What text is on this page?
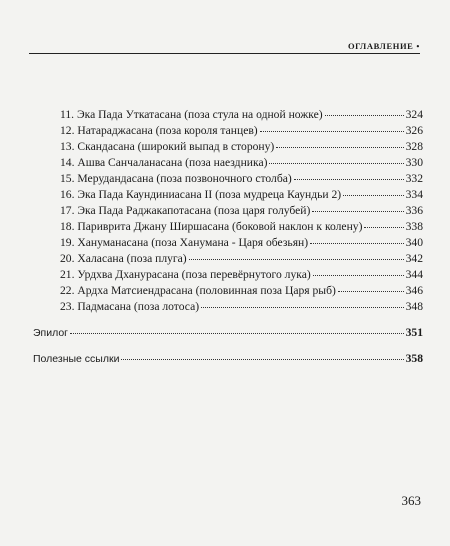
ОГЛАВЛЕНИЕ •
11. Эка Пада Уткатасана (поза стула на одной ножке)	324
12. Натараджасана (поза короля танцев)	326
13. Скандасана (широкий выпад в сторону)	328
14. Ашва Санчаланасана (поза наездника)	330
15. Мерудандасана (поза позвоночного столба)	332
16. Эка Пада Каундиниасана II (поза мудреца Каундьи 2)	334
17. Эка Пада Раджакапотасана (поза царя голубей)	336
18. Париврита Джану Ширшасана (боковой наклон к колену)	338
19. Хануманасана (поза Ханумана - Царя обезьян)	340
20. Халасана (поза плуга)	342
21. Урдхва Дханурасана (поза перевёрнутого лука)	344
22. Ардха Матсиендрасана (половинная поза Царя рыб)	346
23. Падмасана (поза лотоса)	348
Эпилог	351
Полезные ссылки	358
363
